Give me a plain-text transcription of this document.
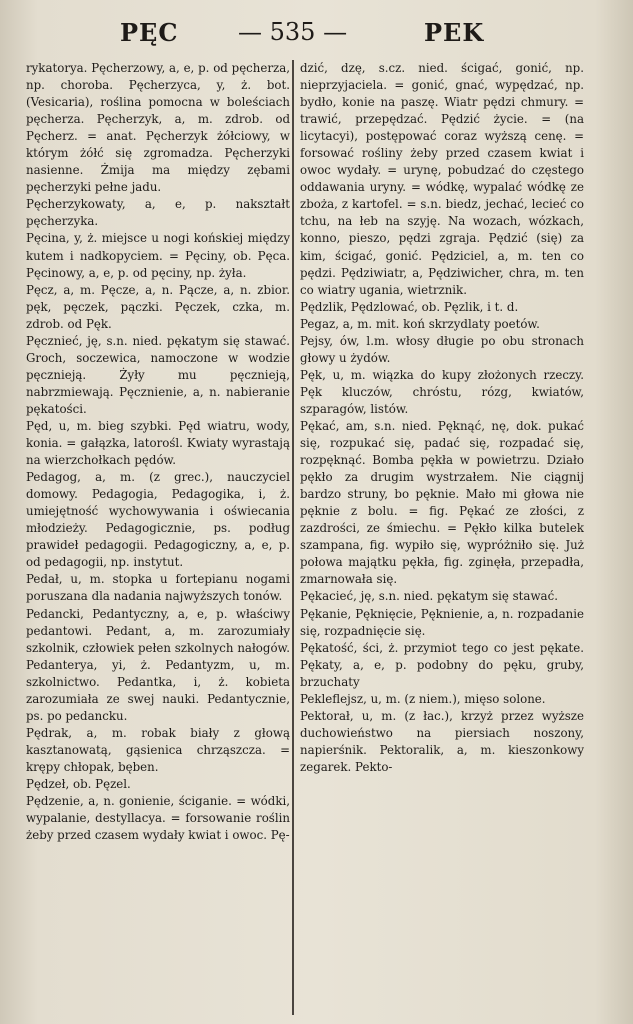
PĘC — 535 —	PEK

rykatorya. Pęcherzowy, a, e, p. od pęcherza, np. choroba. Pęcherzyca, y, ż. bot. (Vesicaria), roślina pomocna w boleściach pęcherza. Pęcherzyk, a, m. zdrob. od Pęcherz. = anat. Pęcherzyk żółciowy, w którym żółć się zgromadza. Pęcherzyki nasienne. Żmija ma między zębami pęcherzyki pełne jadu.

Pęcherzykowaty, a, e, p. nakształt pęcherzyka.

Pęcina, y, ż. miejsce u nogi końskiej między kutem i nadkopyciem. = Pęciny, ob. Pęca. Pęcinowy, a, e, p. od pęciny, np. żyła.

Pęcz, a, m. Pęcze, a, n. Pącze, a, n. zbior. pęk, pęczek, pączki. Pęczek, czka, m. zdrob. od Pęk.

Pęcznieć, ję, s.n. nied. pękatym się stawać. Groch, soczewica, namoczone w wodzie pęcznieją. Żyły mu pęcznieją, nabrzmiewają. Pęcznienie, a, n. nabieranie pękatości.

Pęd, u, m. bieg szybki. Pęd wiatru, wody, konia. = gałązka, latorośl. Kwiaty wyrastają na wierzchołkach pędów.

Pedagog, a, m. (z grec.), nauczyciel domowy. Pedagogia, Pedagogika, i, ż. umiejętność wychowywania i oświecania młodzieży. Pedagogicznie, ps. podług prawideł pedagogii. Pedagogiczny, a, e, p. od pedagogii, np. instytut.

Pedał, u, m. stopka u fortepianu nogami poruszana dla nadania najwyższych tonów.

Pedancki, Pedantyczny, a, e, p. właściwy pedantowi. Pedant, a, m. zarozumiały szkolnik, człowiek pełen szkolnych nałogów. Pedanterya, yi, ż. Pedantyzm, u, m. szkolnictwo. Pedantka, i, ż. kobieta zarozumiała ze swej nauki. Pedantycznie, ps. po pedancku.

Pędrak, a, m. robak biały z głową kasztanowatą, gąsienica chrząszcza. = krępy chłopak, bęben.

Pędzeł, ob. Pęzel.

Pędzenie, a, n. gonienie, ściganie. = wódki, wypalanie, destyllacya. = forsowanie roślin żeby przed czasem wydały kwiat i owoc. Pę-

dzić, dzę, s.cz. nied. ścigać, gonić, np. nieprzyjaciela. = gonić, gnać, wypędzać, np. bydło, konie na paszę. Wiatr pędzi chmury. = trawić, przepędzać. Pędzić życie. = (na licytacyi), postępować coraz wyższą cenę. = forsować rośliny żeby przed czasem kwiat i owoc wydały. = urynę, pobudzać do częstego oddawania uryny. = wódkę, wypalać wódkę ze zboża, z kartofel. = s.n. biedz, jechać, lecieć co tchu, na łeb na szyję. Na wozach, wózkach, konno, pieszo, pędzi zgraja. Pędzić (się) za kim, ścigać, gonić. Pędziciel, a, m. ten co pędzi. Pędziwiatr, a, Pędziwicher, chra, m. ten co wiatry ugania, wietrznik.

Pędzlik, Pędzlować, ob. Pęzlik, i t. d.

Pegaz, a, m. mit. koń skrzydlaty poetów.

Pejsy, ów, l.m. włosy długie po obu stronach głowy u żydów.

Pęk, u, m. wiązka do kupy złożonych rzeczy. Pęk kluczów, chróstu, rózg, kwiatów, szparagów, listów.

Pękać, am, s.n. nied. Pęknąć, nę, dok. pukać się, rozpukać się, padać się, rozpadać się, rozpęknąć. Bomba pękła w powietrzu. Działo pękło za drugim wystrzałem. Nie ciągnij bardzo struny, bo pęknie. Mało mi głowa nie pęknie z bolu. = fig. Pękać ze złości, z zazdrości, ze śmiechu. = Pękło kilka butelek szampana, fig. wypiło się, wypróżniło się. Już połowa majątku pękła, fig. zginęła, przepadła, zmarnowała się.

Pękacieć, ję, s.n. nied. pękatym się stawać.

Pękanie, Pęknięcie, Pęknienie, a, n. rozpadanie się, rozpadnięcie się.

Pękatość, ści, ż. przymiot tego co jest pękate. Pękaty, a, e, p. podobny do pęku, gruby, brzuchaty

Pekleflejsz, u, m. (z niem.), mięso solone.

Pektorał, u, m. (z łac.), krzyż przez wyższe duchowieństwo na piersiach noszony, napierśnik. Pektoralik, a, m. kieszonkowy zegarek. Pekto-
